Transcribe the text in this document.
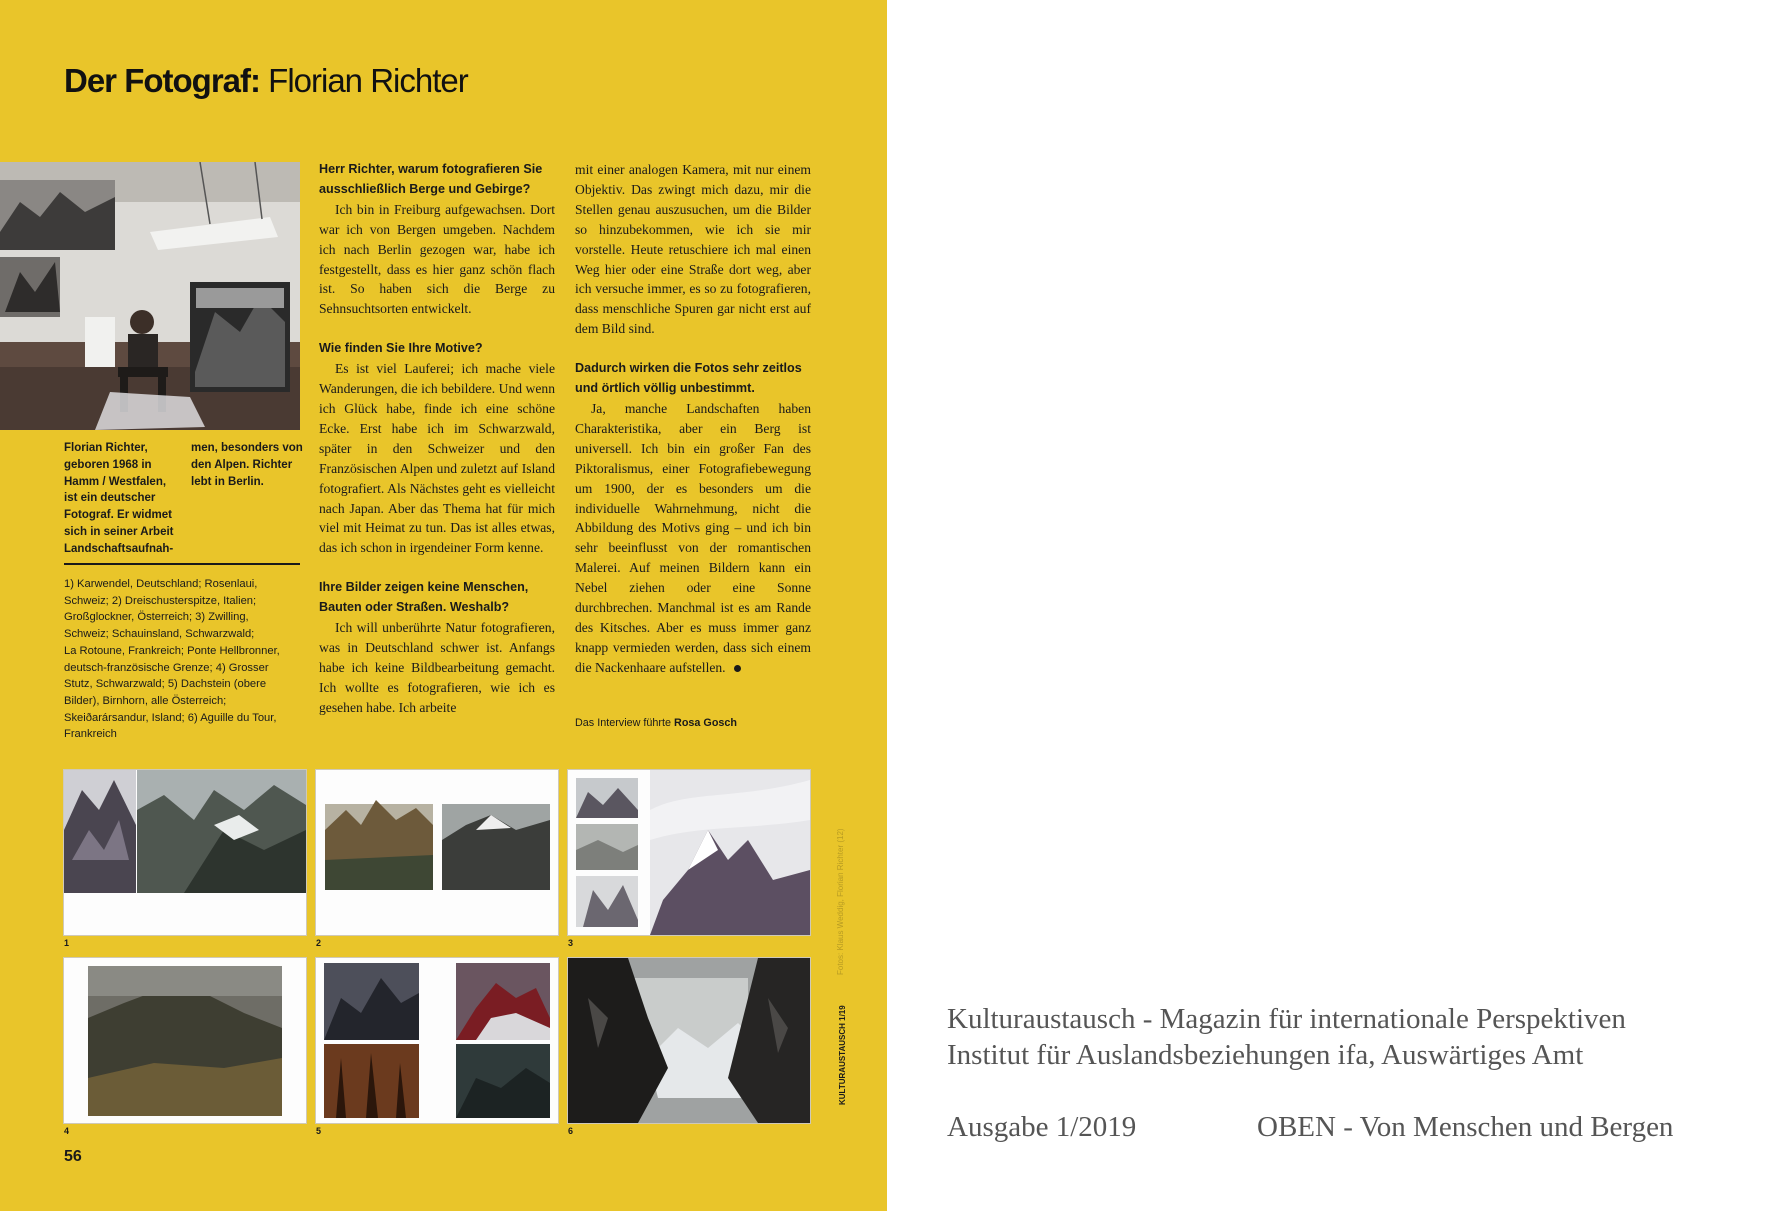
Der Fotograf: Florian Richter
Florian Richter,
geboren 1968 in
Hamm / Westfalen,
ist ein deutscher
Fotograf. Er widmet
sich in seiner Arbeit
Landschaftsaufnah-
men, besonders von
den Alpen. Richter
lebt in Berlin.

1) Karwendel, Deutschland; Rosenlaui,

Schweiz; 2) Dreischusterspitze, Italien;

Großglockner, Österreich; 3) Zwilling,

Schweiz; Schauinsland, Schwarzwald;

La Rotoune, Frankreich; Ponte Hellbronner,

deutsch-französische Grenze; 4) Grosser

Stutz, Schwarzwald; 5) Dachstein (obere

Bilder), Birnhorn, alle Österreich;

Skeiðarársandur, Island; 6) Aguille du Tour,

Frankreich

Herr Richter, warum fotografieren Sie ausschließlich Berge und Gebirge?

Ich bin in Freiburg aufgewachsen. Dort war ich von Bergen umgeben. Nachdem ich nach Berlin gezogen war, habe ich festgestellt, dass es hier ganz schön flach ist. So haben sich die Berge zu Sehnsuchtsorten entwickelt.

Wie finden Sie Ihre Motive?

Es ist viel Lauferei; ich mache viele Wanderungen, die ich bebildere. Und wenn ich Glück habe, finde ich eine schöne Ecke. Erst habe ich im Schwarzwald, später in den Schweizer und den Französischen Alpen und zuletzt auf Island fotografiert. Als Nächstes geht es vielleicht nach Japan. Aber das Thema hat für mich viel mit Heimat zu tun. Das ist alles etwas, das ich schon in irgendeiner Form kenne.

Ihre Bilder zeigen keine Menschen, Bauten oder Straßen. Weshalb?

Ich will unberührte Natur fotografieren, was in Deutschland schwer ist. Anfangs habe ich keine Bildbearbeitung gemacht. Ich wollte es fotografieren, wie ich es gesehen habe. Ich arbeite

mit einer analogen Kamera, mit nur einem Objektiv. Das zwingt mich dazu, mir die Stellen genau auszusuchen, um die Bilder so hinzubekommen, wie ich sie mir vorstelle. Heute retuschiere ich mal einen Weg hier oder eine Straße dort weg, aber ich versuche immer, es so zu fotografieren, dass menschliche Spuren gar nicht erst auf dem Bild sind.

Dadurch wirken die Fotos sehr zeitlos und örtlich völlig unbestimmt.

Ja, manche Landschaften haben Charakteristika, aber ein Berg ist universell. Ich bin ein großer Fan des Piktoralismus, einer Fotografiebewegung um 1900, der es besonders um die individuelle Wahrnehmung, nicht die Abbildung des Motivs ging – und ich bin sehr beeinflusst von der romantischen Malerei. Auf meinen Bildern kann ein Nebel ziehen oder eine Sonne durchbrechen. Manchmal ist es am Rande des Kitsches. Aber es muss immer ganz knapp vermieden werden, dass sich einem die Nackenhaare aufstellen.

Das Interview führte Rosa Gosch
1	2	3
4	5	6
Fotos: Klaus Weddig, Florian Richter (12)
KULTURAUSTAUSCH 1/19
56
Kulturaustausch - Magazin für internationale Perspektiven
Institut für Auslandsbeziehungen ifa, Auswärtiges Amt
Ausgabe 1/2019	OBEN - Von Menschen und Bergen
